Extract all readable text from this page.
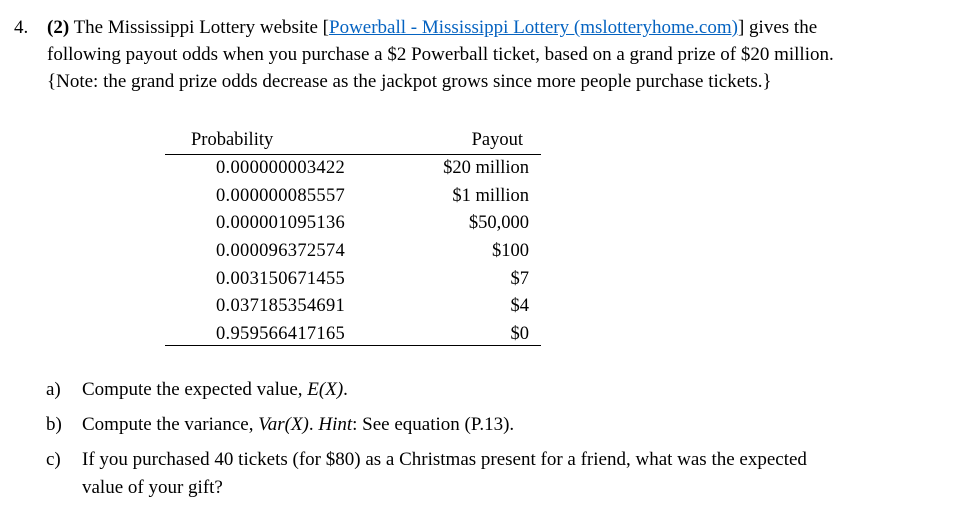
4. (2) The Mississippi Lottery website [Powerball - Mississippi Lottery (mslotteryhome.com)] gives the
following payout odds when you purchase a $2 Powerball ticket, based on a grand prize of $20 million.
{Note: the grand prize odds decrease as the jackpot grows since more people purchase tickets.}
Probability	Payout
0.000000003422	$20 million
0.000000085557	$1 million
0.000001095136	$50,000
0.000096372574	$100
0.003150671455	$7
0.037185354691	$4
0.959566417165	$0
a) Compute the expected value, E(X).
b) Compute the variance, Var(X). Hint: See equation (P.13).
c) If you purchased 40 tickets (for $80) as a Christmas present for a friend, what was the expected
value of your gift?
